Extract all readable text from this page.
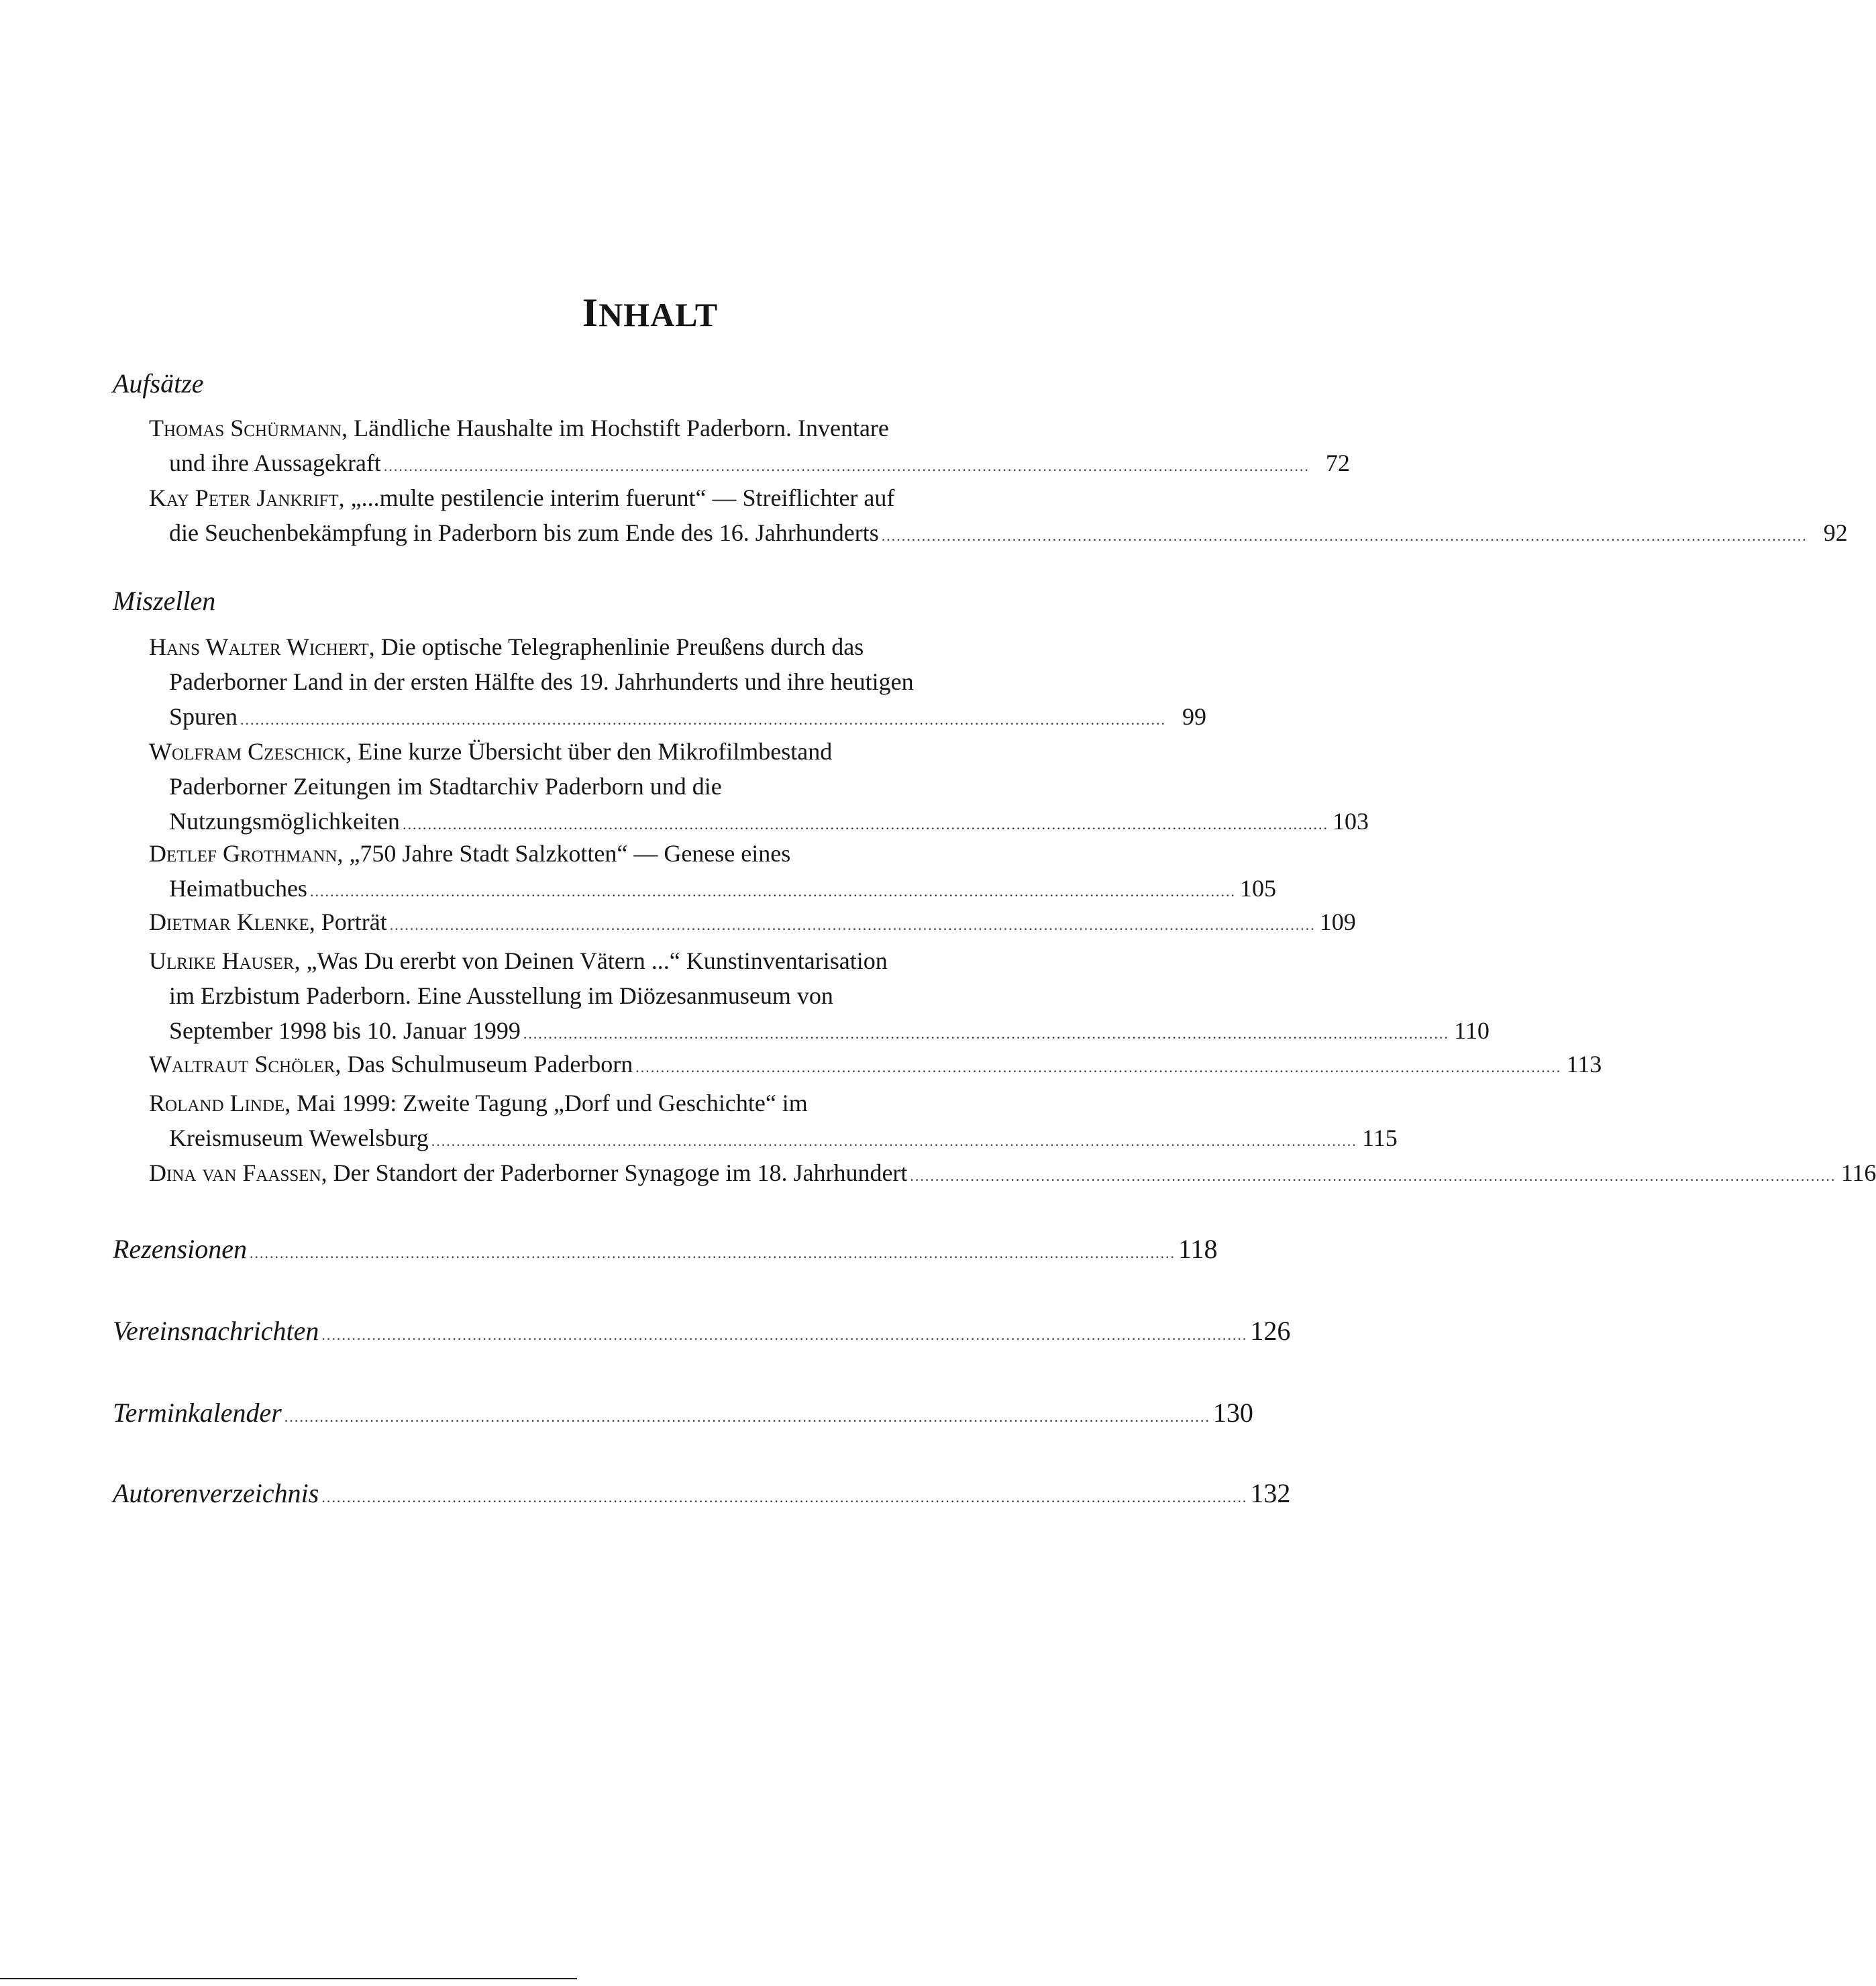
INHALT
Aufsätze
Thomas Schürmann, Ländliche Haushalte im Hochstift Paderborn. Inventare
und ihre Aussagekraft ........................................................................................................................................................................................ 72
Kay Peter Jankrift, „...multe pestilencie interim fuerunt“ — Streiflichter auf
die Seuchenbekämpfung in Paderborn bis zum Ende des 16. Jahrhunderts ........................................................................................................................................................................................ 92
Miszellen
Hans Walter Wichert, Die optische Telegraphenlinie Preußens durch das
Paderborner Land in der ersten Hälfte des 19. Jahrhunderts und ihre heutigen
Spuren ........................................................................................................................................................................................ 99
Wolfram Czeschick, Eine kurze Übersicht über den Mikrofilmbestand
Paderborner Zeitungen im Stadtarchiv Paderborn und die
Nutzungsmöglichkeiten ........................................................................................................................................................................................ 103
Detlef Grothmann, „750 Jahre Stadt Salzkotten“ — Genese eines
Heimatbuches ........................................................................................................................................................................................ 105
Dietmar Klenke, Porträt ........................................................................................................................................................................................ 109
Ulrike Hauser, „Was Du ererbt von Deinen Vätern ...“ Kunstinventarisation
im Erzbistum Paderborn. Eine Ausstellung im Diözesanmuseum von
September 1998 bis 10. Januar 1999 ........................................................................................................................................................................................ 110
Waltraut Schöler, Das Schulmuseum Paderborn ........................................................................................................................................................................................ 113
Roland Linde, Mai 1999: Zweite Tagung „Dorf und Geschichte“ im
Kreismuseum Wewelsburg ........................................................................................................................................................................................ 115
Dina van Faassen, Der Standort der Paderborner Synagoge im 18. Jahrhundert ........................................................................................................................................................................................ 116
Rezensionen ........................................................................................................................................................................................ 118
Vereinsnachrichten ........................................................................................................................................................................................ 126
Terminkalender ........................................................................................................................................................................................ 130
Autorenverzeichnis ........................................................................................................................................................................................ 132
